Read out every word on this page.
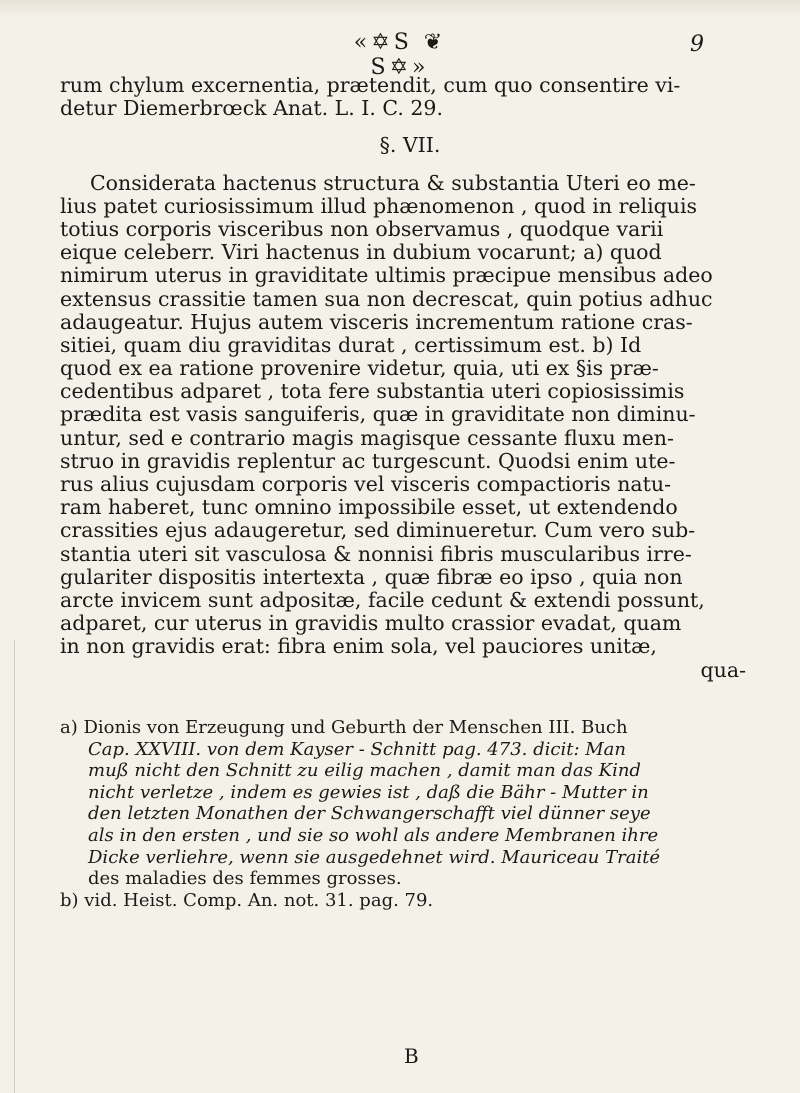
«✡S ❦ S✡»
9
rum chylum excernentia, prætendit, cum quo consentire vi-
detur Diemerbrœck Anat. L. I. C. 29.
§. VII.
Considerata hactenus structura & substantia Uteri eo me-
lius patet curiosissimum illud phænomenon , quod in reliquis
totius corporis visceribus non observamus , quodque varii
eique celeberr. Viri hactenus in dubium vocarunt; a) quod
nimirum uterus in graviditate ultimis præcipue mensibus adeo
extensus crassitie tamen sua non decrescat, quin potius adhuc
adaugeatur. Hujus autem visceris incrementum ratione cras-
sitiei, quam diu graviditas durat , certissimum est. b) Id
quod ex ea ratione provenire videtur, quia, uti ex §is præ-
cedentibus adparet , tota fere substantia uteri copiosissimis
prædita est vasis sanguiferis, quæ in graviditate non diminu-
untur, sed e contrario magis magisque cessante fluxu men-
struo in gravidis replentur ac turgescunt. Quodsi enim ute-
rus alius cujusdam corporis vel visceris compactioris natu-
ram haberet, tunc omnino impossibile esset, ut extendendo
crassities ejus adaugeretur, sed diminueretur. Cum vero sub-
stantia uteri sit vasculosa & nonnisi fibris muscularibus irre-
gulariter dispositis intertexta , quæ fibræ eo ipso , quia non
arcte invicem sunt adpositæ, facile cedunt & extendi possunt,
adparet, cur uterus in gravidis multo crassior evadat, quam
in non gravidis erat: fibra enim sola, vel pauciores unitæ,
qua-
a) Dionis von Erzeugung und Geburth der Menschen III. Buch
Cap. XXVIII. von dem Kayser - Schnitt pag. 473. dicit: Man
muß nicht den Schnitt zu eilig machen , damit man das Kind
nicht verletze , indem es gewies ist , daß die Bähr - Mutter in
den letzten Monathen der Schwangerschafft viel dünner seye
als in den ersten , und sie so wohl als andere Membranen ihre
Dicke verliehre, wenn sie ausgedehnet wird. Mauriceau Traité
des maladies des femmes grosses.
b) vid. Heist. Comp. An. not. 31. pag. 79.
B
